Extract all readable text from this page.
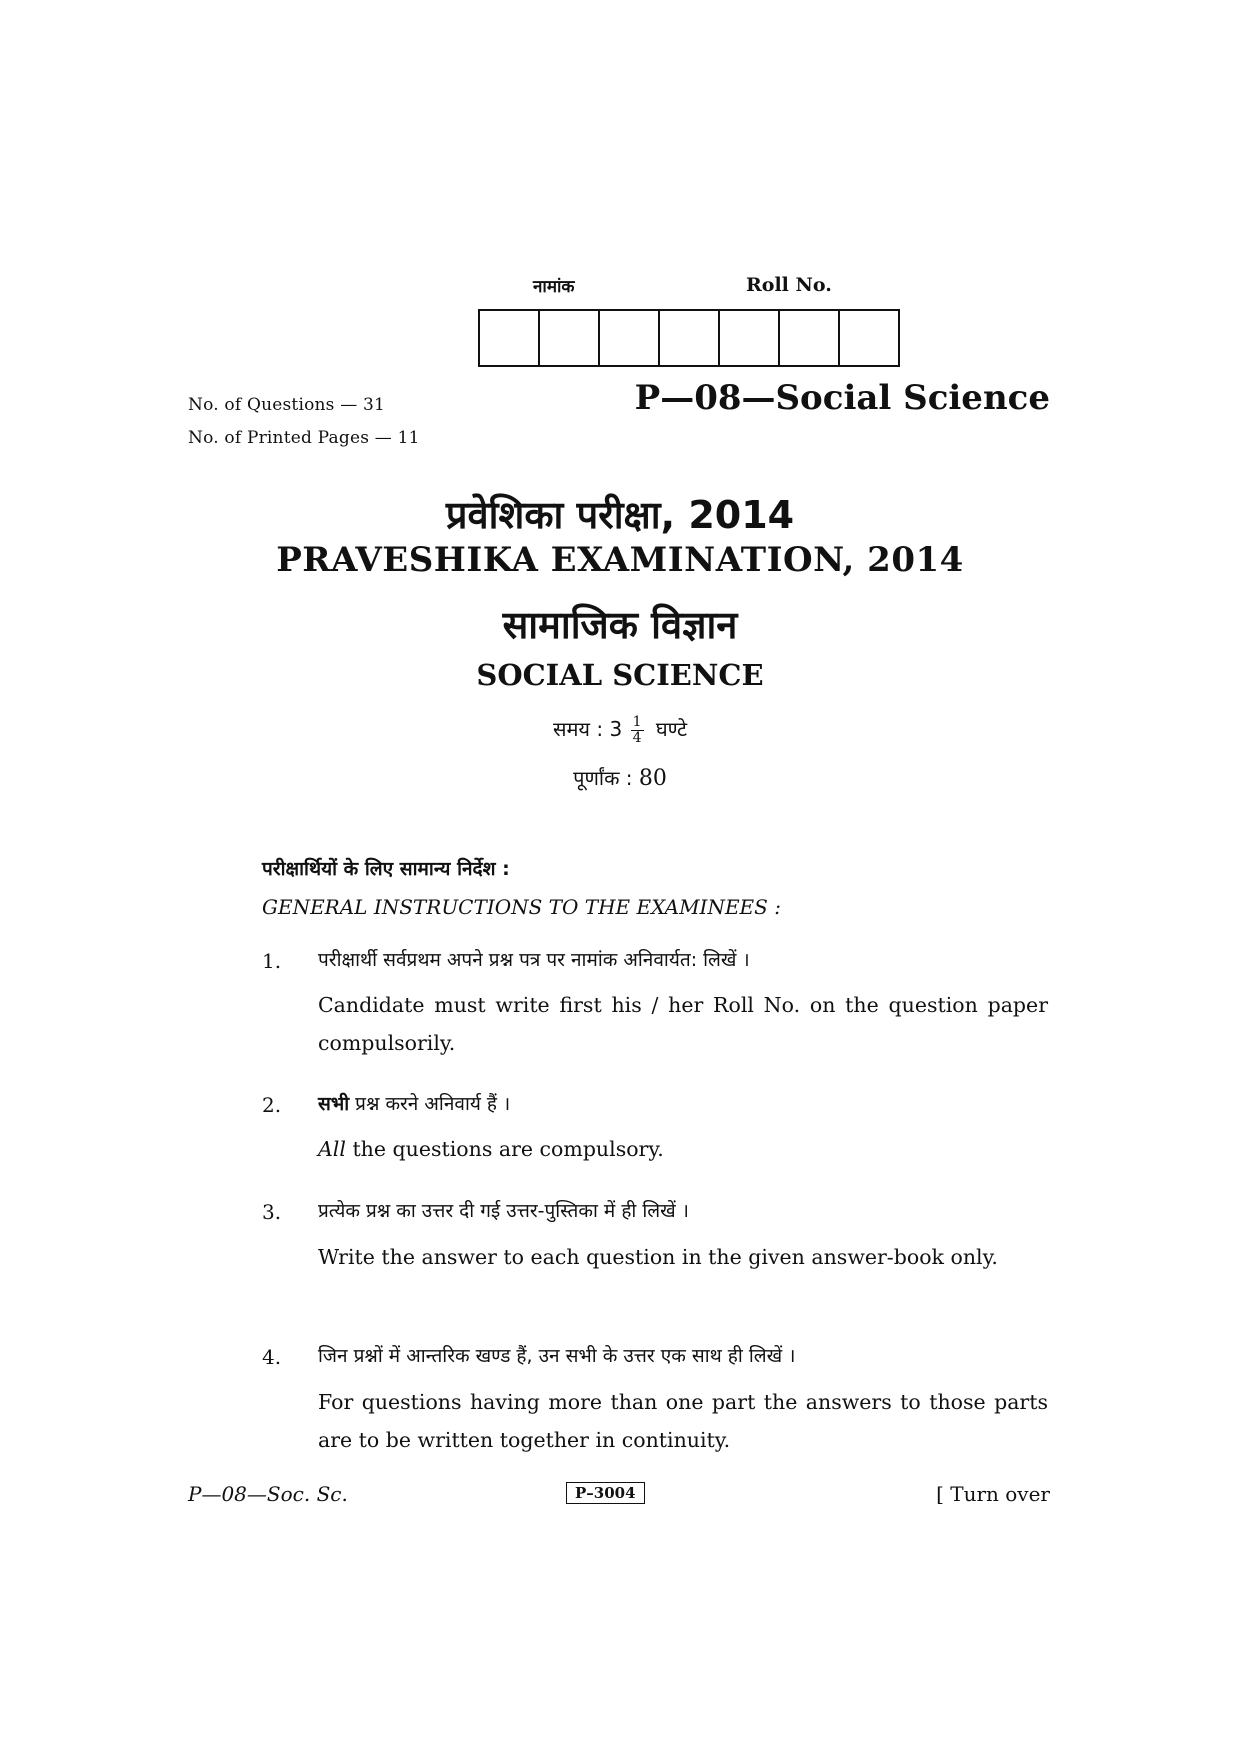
नामांक	Roll No.
No. of Questions — 31
No. of Printed Pages — 11
P—08—Social Science
प्रवेशिका परीक्षा, 2014
PRAVESHIKA EXAMINATION, 2014
सामाजिक विज्ञान
SOCIAL SCIENCE
समय : $3 \frac{1}{4}$ घण्टे
पूर्णांक : 80
परीक्षार्थियों के लिए सामान्य निर्देश :
GENERAL INSTRUCTIONS TO THE EXAMINEES :
1. परीक्षार्थी सर्वप्रथम अपने प्रश्न पत्र पर नामांक अनिवार्यत: लिखें ।
Candidate must write first his / her Roll No. on the question paper compulsorily.
2. सभी प्रश्न करने अनिवार्य हैं ।
All the questions are compulsory.
3. प्रत्येक प्रश्न का उत्तर दी गई उत्तर-पुस्तिका में ही लिखें ।
Write the answer to each question in the given answer-book only.
4. जिन प्रश्नों में आन्तरिक खण्ड हैं, उन सभी के उत्तर एक साथ ही लिखें ।
For questions having more than one part the answers to those parts are to be written together in continuity.
P—08—Soc. Sc.	P–3004	[ Turn over
